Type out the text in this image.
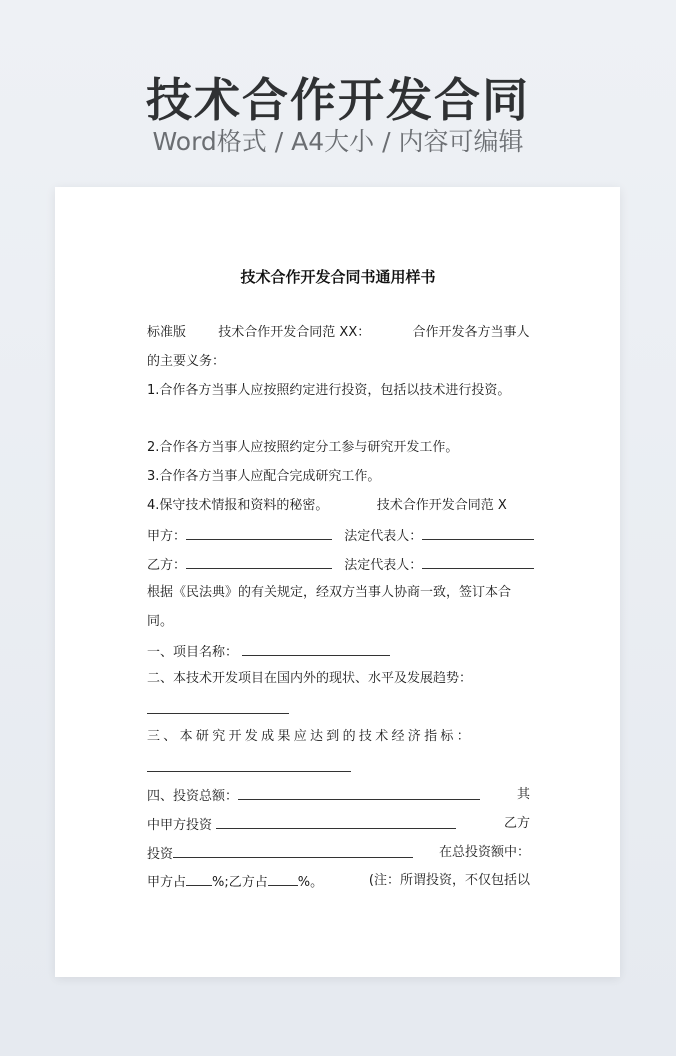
技术合作开发合同
Word格式 / A4大小 / 内容可编辑
技术合作开发合同书通用样书
标准版 技术合作开发合同范 XX：	合作开发各方当事人
的主要义务：
1.合作各方当事人应按照约定进行投资，包括以技术进行投资。
2.合作各方当事人应按照约定分工参与研究开发工作。
3.合作各方当事人应配合完成研究工作。
4.保守技术情报和资料的秘密。	技术合作开发合同范 X
甲方：	法定代表人：
乙方：	法定代表人：
根据《民法典》的有关规定，经双方当事人协商一致，签订本合
同。
一、项目名称：
二、本技术开发项目在国内外的现状、水平及发展趋势：
三、本研究开发成果应达到的技术经济指标：
四、投资总额：	其
中甲方投资	乙方
投资	在总投资额中：
甲方占 %;乙方占 %。	(注：所谓投资，不仅包括以
